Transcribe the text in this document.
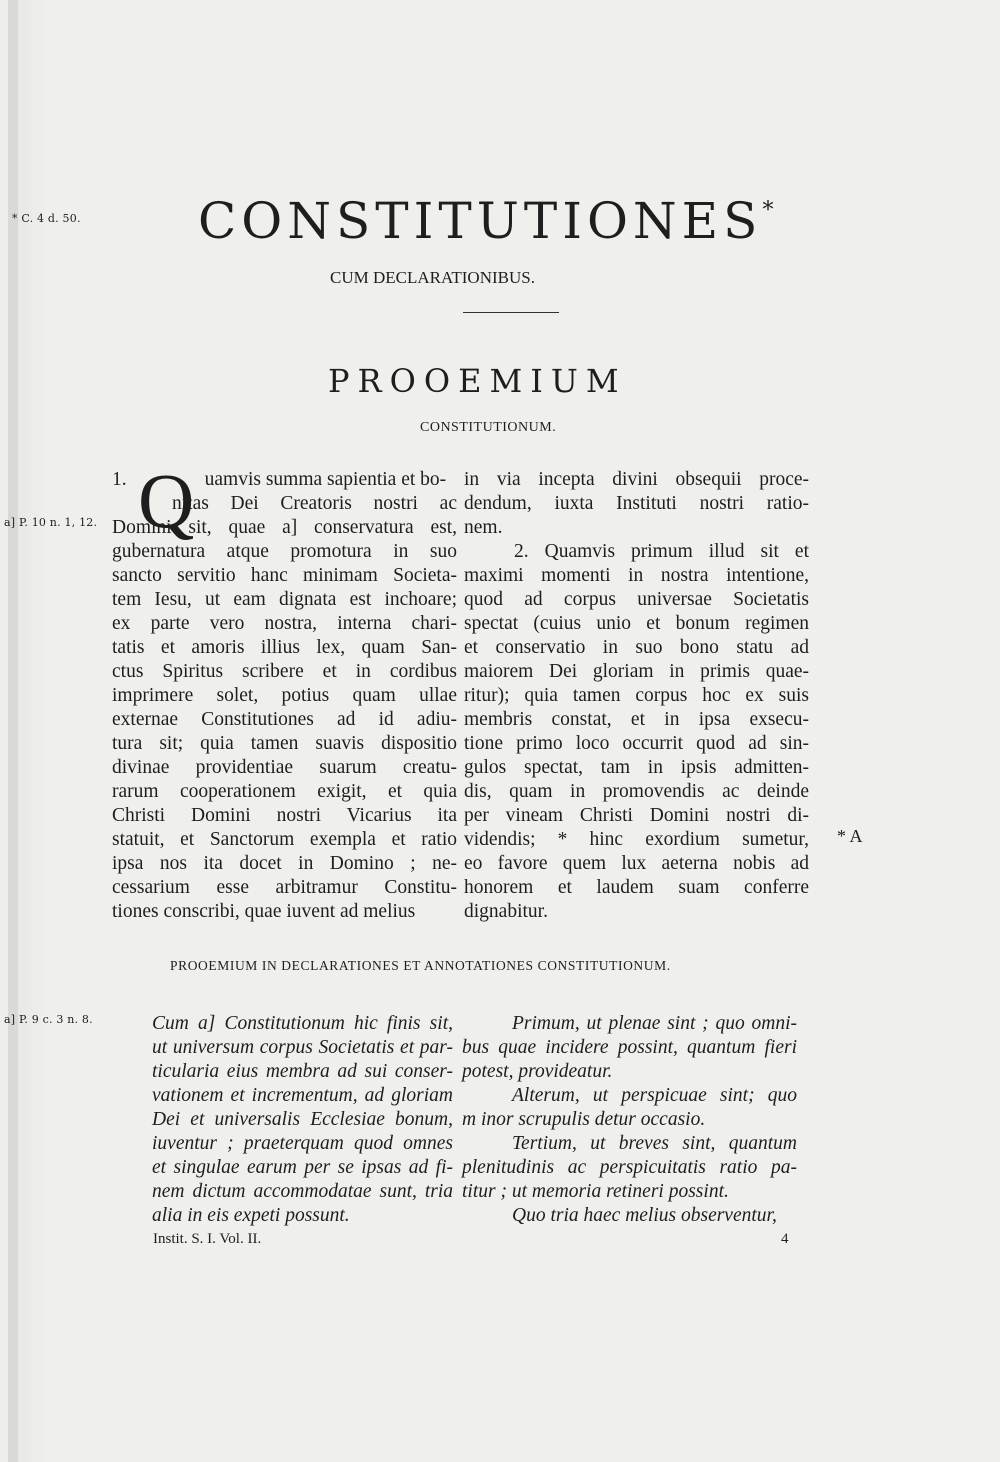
* C. 4 d. 50.
a] P. 10 n. 1, 12.
a] P. 9 c. 3 n. 8.
CONSTITUTIONES*
CUM DECLARATIONIBUS.
PROOEMIUM
CONSTITUTIONUM.
Q
1.                uamvis summa sapientia et bo-
nitas Dei Creatoris nostri ac
Domini sit, quae a] conservatura est,
gubernatura atque promotura in suo
sancto servitio hanc minimam Societa-
tem Iesu, ut eam dignata est inchoare;
ex parte vero nostra, interna chari-
tatis et amoris illius lex, quam San-
ctus Spiritus scribere et in cordibus
imprimere solet, potius quam ullae
externae Constitutiones ad id adiu-
tura sit; quia tamen suavis dispositio
divinae providentiae suarum creatu-
rarum cooperationem exigit, et quia
Christi Domini nostri Vicarius ita
statuit, et Sanctorum exempla et ratio
ipsa nos ita docet in Domino ; ne-
cessarium esse arbitramur Constitu-
tiones conscribi, quae iuvent ad melius
in via incepta divini obsequii proce-
dendum, iuxta Instituti nostri ratio-
nem.
2. Quamvis primum illud sit et
maximi momenti in nostra intentione,
quod ad corpus universae Societatis
spectat (cuius unio et bonum regimen
et conservatio in suo bono statu ad
maiorem Dei gloriam in primis quae-
ritur); quia tamen corpus hoc ex suis
membris constat, et in ipsa exsecu-
tione primo loco occurrit quod ad sin-
gulos spectat, tam in ipsis admitten-
dis, quam in promovendis ac deinde
per vineam Christi Domini nostri di-
videndis; * hinc exordium sumetur,
eo favore quem lux aeterna nobis ad
honorem et laudem suam conferre
dignabitur.
* A
PROOEMIUM IN DECLARATIONES ET ANNOTATIONES CONSTITUTIONUM.
Cum a] Constitutionum hic finis sit,
ut universum corpus Societatis et par-
ticularia eius membra ad sui conser-
vationem et incrementum, ad gloriam
Dei et universalis Ecclesiae bonum,
iuventur ; praeterquam quod omnes
et singulae earum per se ipsas ad fi-
nem dictum accommodatae sunt, tria
alia in eis expeti possunt.
Primum, ut plenae sint ; quo omni-
bus quae incidere possint, quantum fieri
potest, provideatur.
Alterum, ut perspicuae sint; quo
m inor scrupulis detur occasio.
Tertium, ut breves sint, quantum
plenitudinis ac perspicuitatis ratio pa-
titur ; ut memoria retineri possint.
Quo tria haec melius observentur,
Instit. S. I. Vol. II.	4
